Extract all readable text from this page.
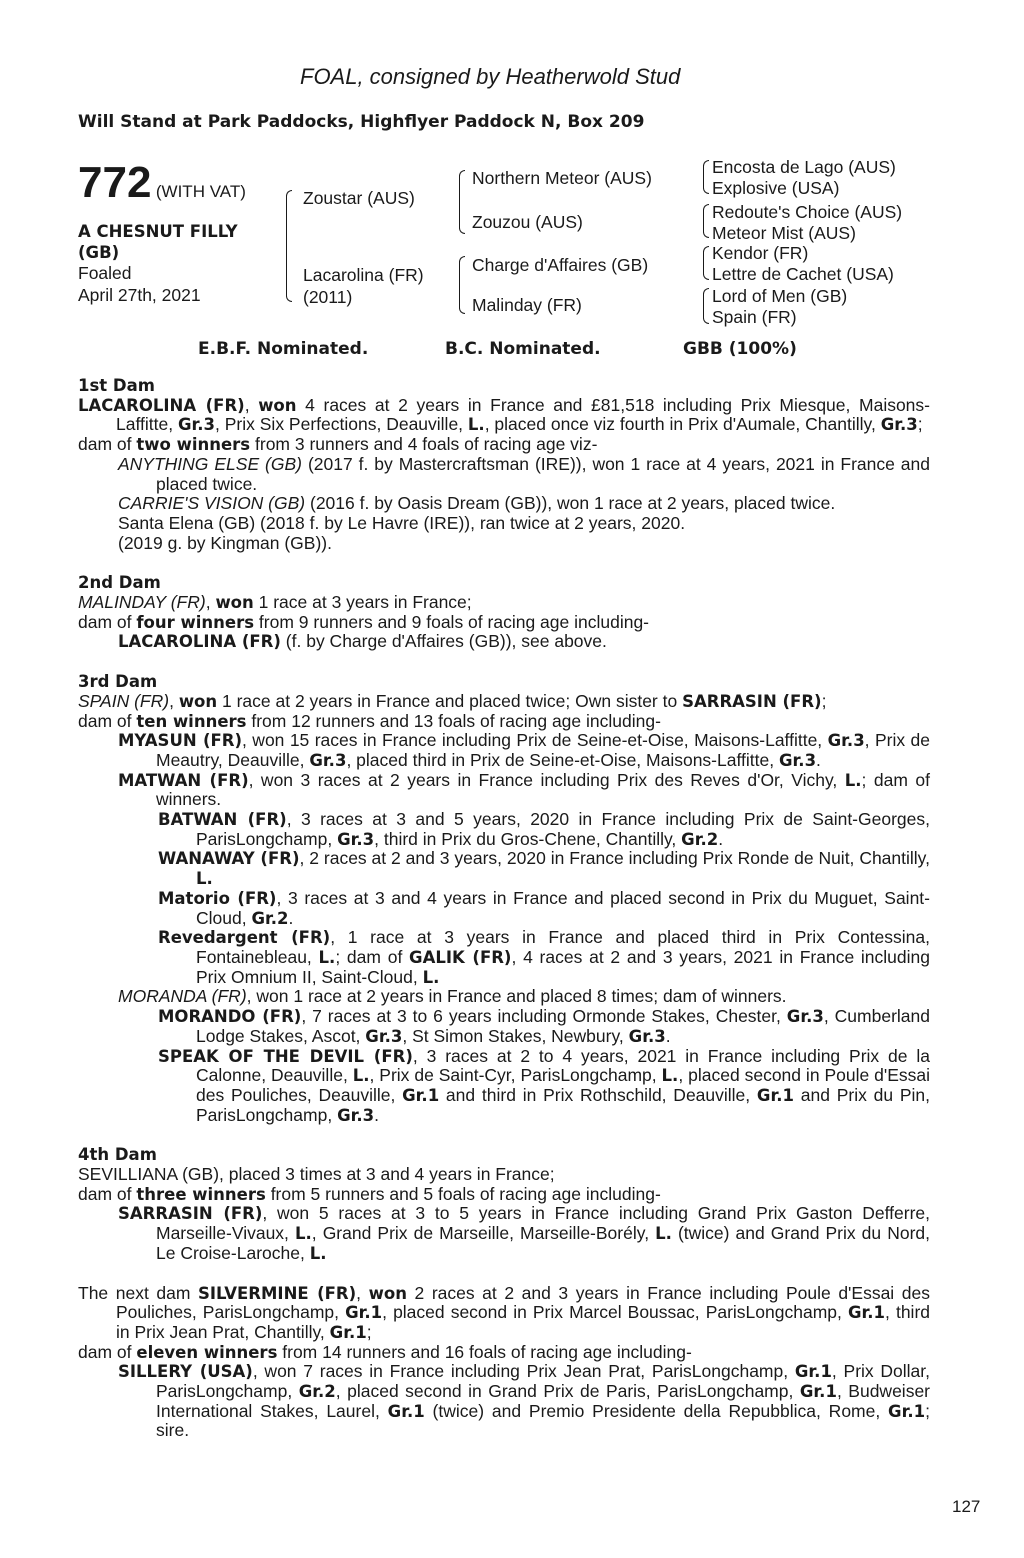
FOAL, consigned by Heatherwold Stud
Will Stand at Park Paddocks, Highflyer Paddock N, Box 209
772 (WITH VAT)
A CHESNUT FILLY
(GB)
Foaled
April 27th, 2021
Zoustar (AUS)
Lacarolina (FR)
(2011)
Northern Meteor (AUS)
Zouzou (AUS)
Charge d'Affaires (GB)
Malinday (FR)
Encosta de Lago (AUS)
Explosive (USA)
Redoute's Choice (AUS)
Meteor Mist (AUS)
Kendor (FR)
Lettre de Cachet (USA)
Lord of Men (GB)
Spain (FR)
E.B.F. Nominated.	B.C. Nominated.	GBB (100%)
1st Dam

LACAROLINA (FR), won 4 races at 2 years in France and £81,518 including Prix Miesque, Maisons-Laffitte, Gr.3, Prix Six Perfections, Deauville, L., placed once viz fourth in Prix d'Aumale, Chantilly, Gr.3;

dam of two winners from 3 runners and 4 foals of racing age viz-

ANYTHING ELSE (GB) (2017 f. by Mastercraftsman (IRE)), won 1 race at 4 years, 2021 in France and placed twice.

CARRIE'S VISION (GB) (2016 f. by Oasis Dream (GB)), won 1 race at 2 years, placed twice.

Santa Elena (GB) (2018 f. by Le Havre (IRE)), ran twice at 2 years, 2020.

(2019 g. by Kingman (GB)).

2nd Dam

MALINDAY (FR), won 1 race at 3 years in France;

dam of four winners from 9 runners and 9 foals of racing age including-

LACAROLINA (FR) (f. by Charge d'Affaires (GB)), see above.

3rd Dam

SPAIN (FR), won 1 race at 2 years in France and placed twice; Own sister to SARRASIN (FR);

dam of ten winners from 12 runners and 13 foals of racing age including-

MYASUN (FR), won 15 races in France including Prix de Seine-et-Oise, Maisons-Laffitte, Gr.3, Prix de Meautry, Deauville, Gr.3, placed third in Prix de Seine-et-Oise, Maisons-Laffitte, Gr.3.

MATWAN (FR), won 3 races at 2 years in France including Prix des Reves d'Or, Vichy, L.; dam of winners.

BATWAN (FR), 3 races at 3 and 5 years, 2020 in France including Prix de Saint-Georges, ParisLongchamp, Gr.3, third in Prix du Gros-Chene, Chantilly, Gr.2.

WANAWAY (FR), 2 races at 2 and 3 years, 2020 in France including Prix Ronde de Nuit, Chantilly, L.

Matorio (FR), 3 races at 3 and 4 years in France and placed second in Prix du Muguet, Saint-Cloud, Gr.2.

Revedargent (FR), 1 race at 3 years in France and placed third in Prix Contessina, Fontainebleau, L.; dam of GALIK (FR), 4 races at 2 and 3 years, 2021 in France including Prix Omnium II, Saint-Cloud, L.

MORANDA (FR), won 1 race at 2 years in France and placed 8 times; dam of winners.

MORANDO (FR), 7 races at 3 to 6 years including Ormonde Stakes, Chester, Gr.3, Cumberland Lodge Stakes, Ascot, Gr.3, St Simon Stakes, Newbury, Gr.3.

SPEAK OF THE DEVIL (FR), 3 races at 2 to 4 years, 2021 in France including Prix de la Calonne, Deauville, L., Prix de Saint-Cyr, ParisLongchamp, L., placed second in Poule d'Essai des Pouliches, Deauville, Gr.1 and third in Prix Rothschild, Deauville, Gr.1 and Prix du Pin, ParisLongchamp, Gr.3.

4th Dam

SEVILLIANA (GB), placed 3 times at 3 and 4 years in France;

dam of three winners from 5 runners and 5 foals of racing age including-

SARRASIN (FR), won 5 races at 3 to 5 years in France including Grand Prix Gaston Defferre, Marseille-Vivaux, L., Grand Prix de Marseille, Marseille-Borély, L. (twice) and Grand Prix du Nord, Le Croise-Laroche, L.

The next dam SILVERMINE (FR), won 2 races at 2 and 3 years in France including Poule d'Essai des Pouliches, ParisLongchamp, Gr.1, placed second in Prix Marcel Boussac, ParisLongchamp, Gr.1, third in Prix Jean Prat, Chantilly, Gr.1;

dam of eleven winners from 14 runners and 16 foals of racing age including-

SILLERY (USA), won 7 races in France including Prix Jean Prat, ParisLongchamp, Gr.1, Prix Dollar, ParisLongchamp, Gr.2, placed second in Grand Prix de Paris, ParisLongchamp, Gr.1, Budweiser International Stakes, Laurel, Gr.1 (twice) and Premio Presidente della Repubblica, Rome, Gr.1; sire.

127
